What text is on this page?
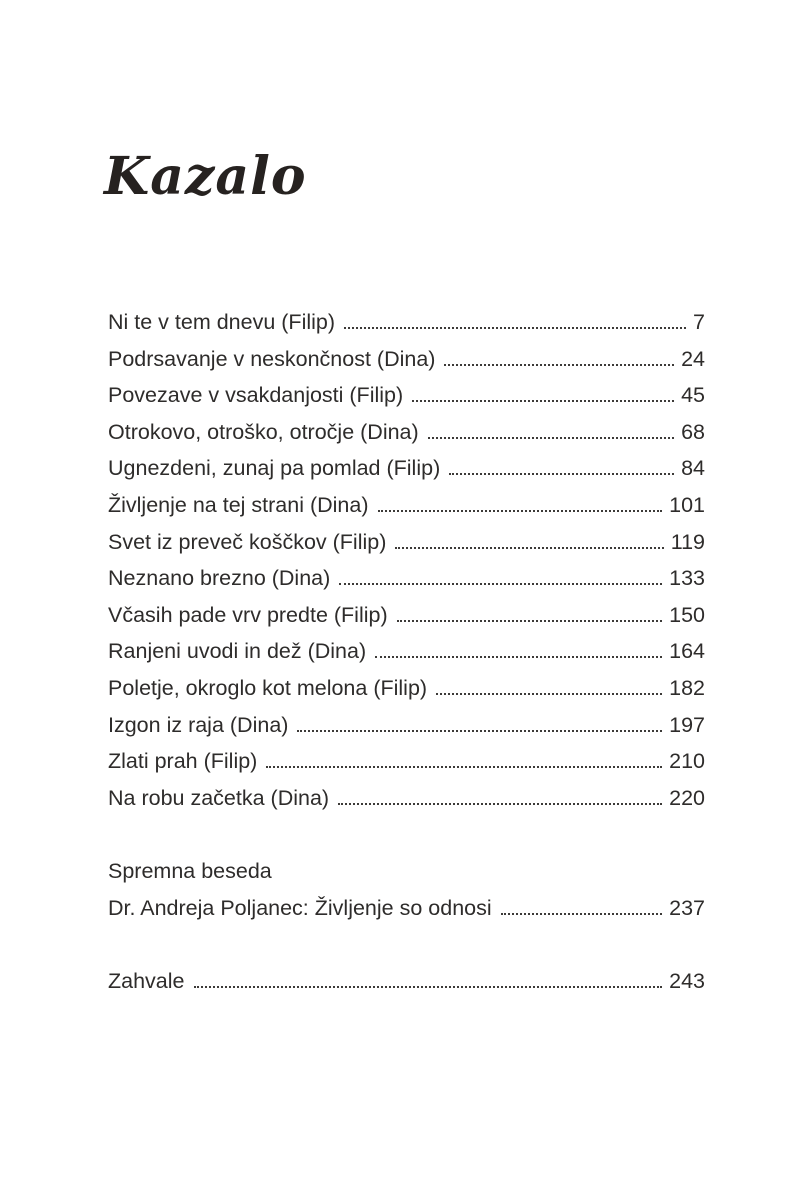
Kazalo
Ni te v tem dnevu (Filip)	7
Podrsavanje v neskončnost (Dina)	24
Povezave v vsakdanjosti (Filip)	45
Otrokovo, otroško, otročje (Dina)	68
Ugnezdeni, zunaj pa pomlad (Filip)	84
Življenje na tej strani (Dina)	101
Svet iz preveč koščkov (Filip)	119
Neznano brezno (Dina)	133
Včasih pade vrv predte (Filip)	150
Ranjeni uvodi in dež (Dina)	164
Poletje, okroglo kot melona (Filip)	182
Izgon iz raja (Dina)	197
Zlati prah (Filip)	210
Na robu začetka (Dina)	220
Spremna beseda
Dr. Andreja Poljanec: Življenje so odnosi	237
Zahvale	243
